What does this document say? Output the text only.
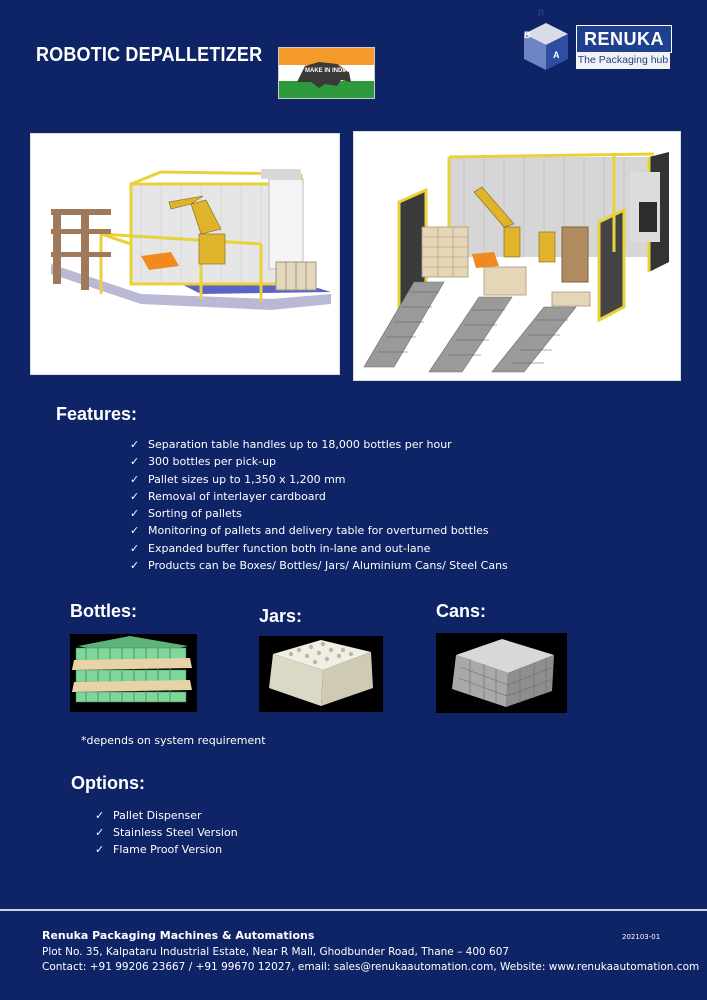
ROBOTIC DEPALLETIZER
MAKE IN INDIA
R
B
A
RENUKA
The Packaging hub
Features:
✓ Separation table handles up to 18,000 bottles per hour
✓ 300 bottles per pick-up
✓ Pallet sizes up to 1,350 x 1,200 mm
✓ Removal of interlayer cardboard
✓ Sorting of pallets
✓ Monitoring of pallets and delivery table for overturned bottles
✓ Expanded buffer function both in-lane and out-lane
✓ Products can be Boxes/ Bottles/ Jars/ Aluminium Cans/ Steel Cans
Bottles:	Jars:	Cans:
*depends on system requirement
Options:
✓ Pallet Dispenser
✓ Stainless Steel Version
✓ Flame Proof Version
Renuka Packaging Machines & Automations
Plot No. 35, Kalpataru Industrial Estate, Near R Mall, Ghodbunder Road, Thane – 400 607
Contact: +91 99206 23667 / +91 99670 12027, email: sales@renukaautomation.com, Website: www.renukaautomation.com
202103-01
